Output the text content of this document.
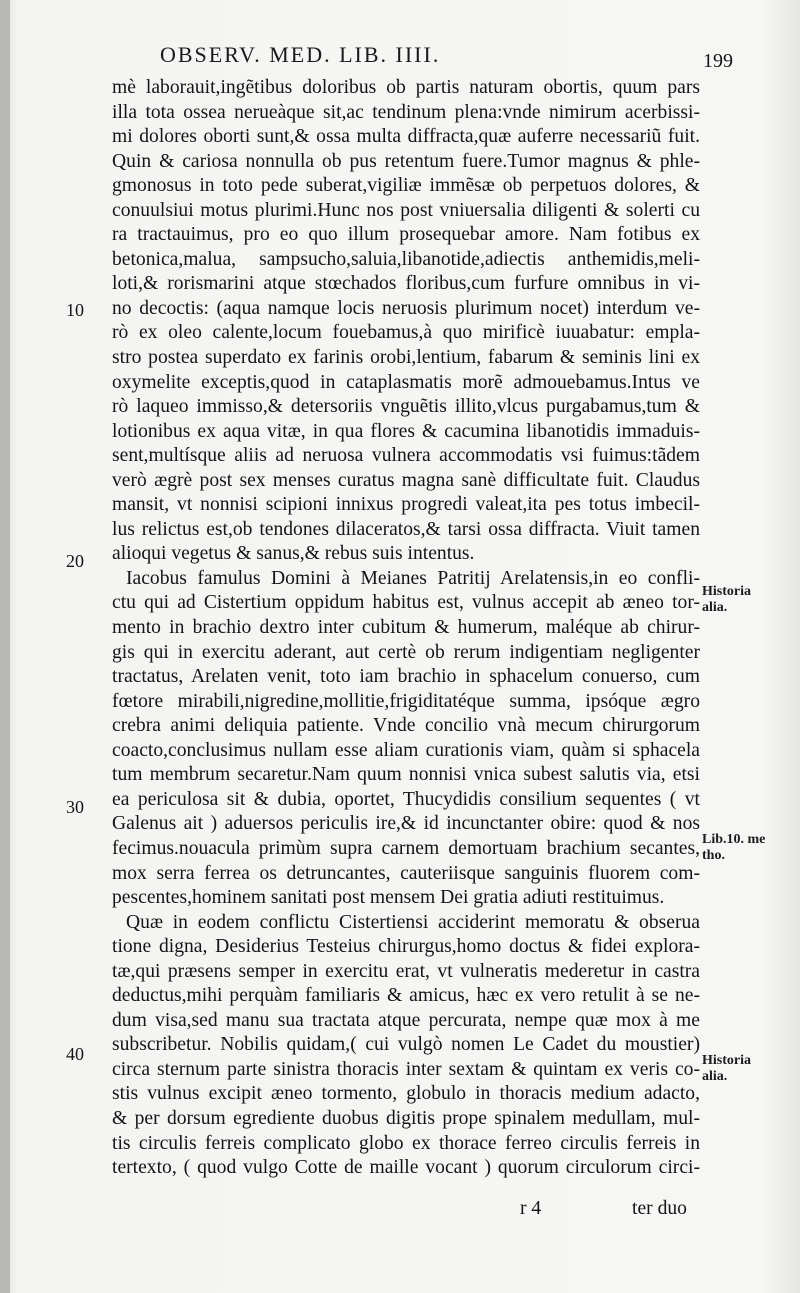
OBSERV. MED. LIB. IIII.	199
mè laborauit,ingẽtibus doloribus ob partis naturam obortis, quum pars
illa tota ossea nerueàque sit,ac tendinum plena:vnde nimirum acerbissi-
mi dolores oborti sunt,& ossa multa diffracta,quæ auferre necessariũ fuit.
Quin & cariosa nonnulla ob pus retentum fuere.Tumor magnus & phle-
gmonosus in toto pede suberat,vigiliæ immẽsæ ob perpetuos dolores, &
conuulsiui motus plurimi.Hunc nos post vniuersalia diligenti & solerti cu
ra tractauimus, pro eo quo illum prosequebar amore. Nam fotibus ex
betonica,malua, sampsucho,saluia,libanotide,adiectis anthemidis,meli-
loti,& rorismarini atque stœchados floribus,cum furfure omnibus in vi-
no decoctis: (aqua namque locis neruosis plurimum nocet) interdum ve-
rò ex oleo calente,locum fouebamus,à quo mirificè iuuabatur: empla-
stro postea superdato ex farinis orobi,lentium, fabarum & seminis lini ex
oxymelite exceptis,quod in cataplasmatis morẽ admouebamus.Intus ve
rò laqueo immisso,& detersoriis vnguẽtis illito,vlcus purgabamus,tum &
lotionibus ex aqua vitæ, in qua flores & cacumina libanotidis immaduis-
sent,multísque aliis ad neruosa vulnera accommodatis vsi fuimus:tãdem
verò ægrè post sex menses curatus magna sanè difficultate fuit. Claudus
mansit, vt nonnisi scipioni innixus progredi valeat,ita pes totus imbecil-
lus relictus est,ob tendones dilaceratos,& tarsi ossa diffracta. Viuit tamen
alioqui vegetus & sanus,& rebus suis intentus.
Iacobus famulus Domini à Meianes Patritij Arelatensis,in eo confli-
ctu qui ad Cistertium oppidum habitus est, vulnus accepit ab æneo tor-
mento in brachio dextro inter cubitum & humerum, maléque ab chirur-
gis qui in exercitu aderant, aut certè ob rerum indigentiam negligenter
tractatus, Arelaten venit, toto iam brachio in sphacelum conuerso, cum
fœtore mirabili,nigredine,mollitie,frigiditatéque summa, ipsóque ægro
crebra animi deliquia patiente. Vnde concilio vnà mecum chirurgorum
coacto,conclusimus nullam esse aliam curationis viam, quàm si sphacela
tum membrum secaretur.Nam quum nonnisi vnica subest salutis via, etsi
ea periculosa sit & dubia, oportet, Thucydidis consilium sequentes ( vt
Galenus ait ) aduersos periculis ire,& id incunctanter obire: quod & nos
fecimus.nouacula primùm supra carnem demortuam brachium secantes,
mox serra ferrea os detruncantes, cauteriisque sanguinis fluorem com-
pescentes,hominem sanitati post mensem Dei gratia adiuti restituimus.
Quæ in eodem conflictu Cistertiensi acciderint memoratu & obserua
tione digna, Desiderius Testeius chirurgus,homo doctus & fidei explora-
tæ,qui præsens semper in exercitu erat, vt vulneratis mederetur in castra
deductus,mihi perquàm familiaris & amicus, hæc ex vero retulit à se ne-
dum visa,sed manu sua tractata atque percurata, nempe quæ mox à me
subscribetur. Nobilis quidam,( cui vulgò nomen Le Cadet du moustier)
circa sternum parte sinistra thoracis inter sextam & quintam ex veris co-
stis vulnus excipit æneo tormento, globulo in thoracis medium adacto,
& per dorsum egrediente duobus digitis prope spinalem medullam, mul-
tis circulis ferreis complicato globo ex thorace ferreo circulis ferreis in
tertexto, ( quod vulgo Cotte de maille vocant ) quorum circulorum circi-
10
20
30
40
Historia
alia.
Lib.10. me
tho.
Historia
alia.
r 4	ter duo
